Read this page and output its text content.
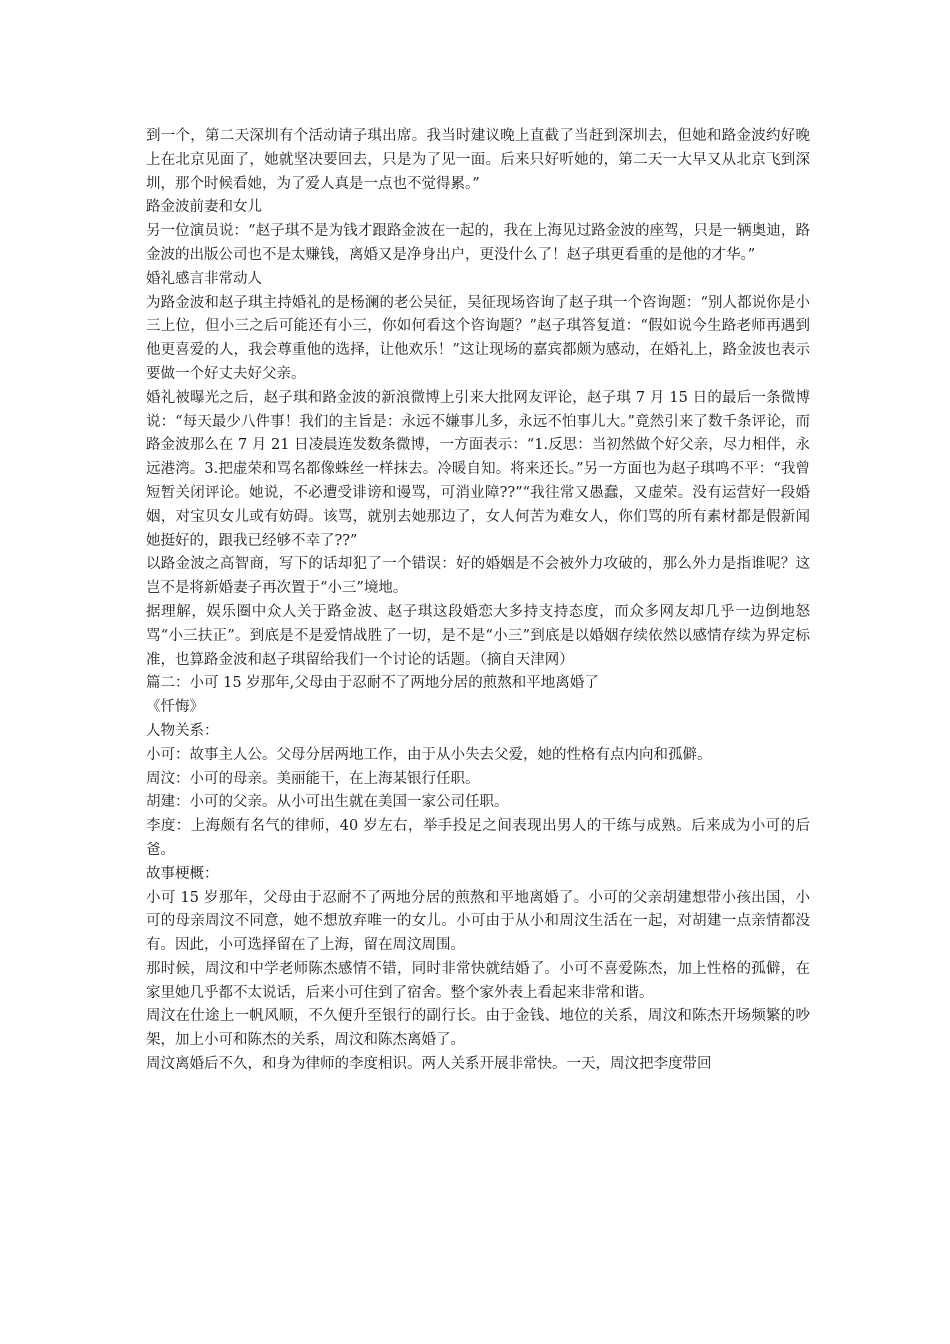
到一个，第二天深圳有个活动请子琪出席。我当时建议晚上直截了当赶到深圳去，但她和路金波约好晚上在北京见面了，她就坚决要回去，只是为了见一面。后来只好听她的，第二天一大早又从北京飞到深圳，那个时候看她，为了爱人真是一点也不觉得累。”

路金波前妻和女儿

另一位演员说：“赵子琪不是为钱才跟路金波在一起的，我在上海见过路金波的座驾，只是一辆奥迪，路金波的出版公司也不是太赚钱，离婚又是净身出户，更没什么了！赵子琪更看重的是他的才华。”

婚礼感言非常动人

为路金波和赵子琪主持婚礼的是杨澜的老公吴征，吴征现场咨询了赵子琪一个咨询题：“别人都说你是小三上位，但小三之后可能还有小三，你如何看这个咨询题？”赵子琪答复道：“假如说今生路老师再遇到他更喜爱的人，我会尊重他的选择，让他欢乐！”这让现场的嘉宾都颇为感动，在婚礼上，路金波也表示要做一个好丈夫好父亲。

婚礼被曝光之后，赵子琪和路金波的新浪微博上引来大批网友评论，赵子琪 7 月 15 日的最后一条微博说：“每天最少八件事！我们的主旨是：永远不嫌事儿多，永远不怕事儿大。”竟然引来了数千条评论，而路金波那么在 7 月 21 日凌晨连发数条微博，一方面表示：“1.反思：当初然做个好父亲，尽力相伴，永远港湾。3.把虚荣和骂名都像蛛丝一样抹去。冷暖自知。将来还长。”另一方面也为赵子琪鸣不平：“我曾短暂关闭评论。她说，不必遭受诽谤和谩骂，可消业障??”“我往常又愚蠢，又虚荣。没有运营好一段婚姻，对宝贝女儿或有妨碍。该骂，就别去她那边了，女人何苦为难女人，你们骂的所有素材都是假新闻她挺好的，跟我已经够不幸了??”

以路金波之高智商，写下的话却犯了一个错误：好的婚姻是不会被外力攻破的，那么外力是指谁呢？这岂不是将新婚妻子再次置于“小三”境地。

据理解，娱乐圈中众人关于路金波、赵子琪这段婚恋大多持支持态度，而众多网友却几乎一边倒地怒骂“小三扶正”。到底是不是爱情战胜了一切，是不是“小三”到底是以婚姻存续依然以感情存续为界定标准，也算路金波和赵子琪留给我们一个讨论的话题。（摘自天津网）

篇二：小可 15 岁那年,父母由于忍耐不了两地分居的煎熬和平地离婚了

《忏悔》

人物关系：

小可：故事主人公。父母分居两地工作，由于从小失去父爱，她的性格有点内向和孤僻。

周汶：小可的母亲。美丽能干，在上海某银行任职。

胡建：小可的父亲。从小可出生就在美国一家公司任职。

李度：上海颇有名气的律师，40 岁左右，举手投足之间表现出男人的干练与成熟。后来成为小可的后爸。

故事梗概：

小可 15 岁那年，父母由于忍耐不了两地分居的煎熬和平地离婚了。小可的父亲胡建想带小孩出国，小可的母亲周汶不同意，她不想放弃唯一的女儿。小可由于从小和周汶生活在一起，对胡建一点亲情都没有。因此，小可选择留在了上海，留在周汶周围。

那时候，周汶和中学老师陈杰感情不错，同时非常快就结婚了。小可不喜爱陈杰，加上性格的孤僻，在家里她几乎都不太说话，后来小可住到了宿舍。整个家外表上看起来非常和谐。

周汶在仕途上一帆风顺，不久便升至银行的副行长。由于金钱、地位的关系，周汶和陈杰开场频繁的吵架，加上小可和陈杰的关系，周汶和陈杰离婚了。

周汶离婚后不久，和身为律师的李度相识。两人关系开展非常快。一天，周汶把李度带回
